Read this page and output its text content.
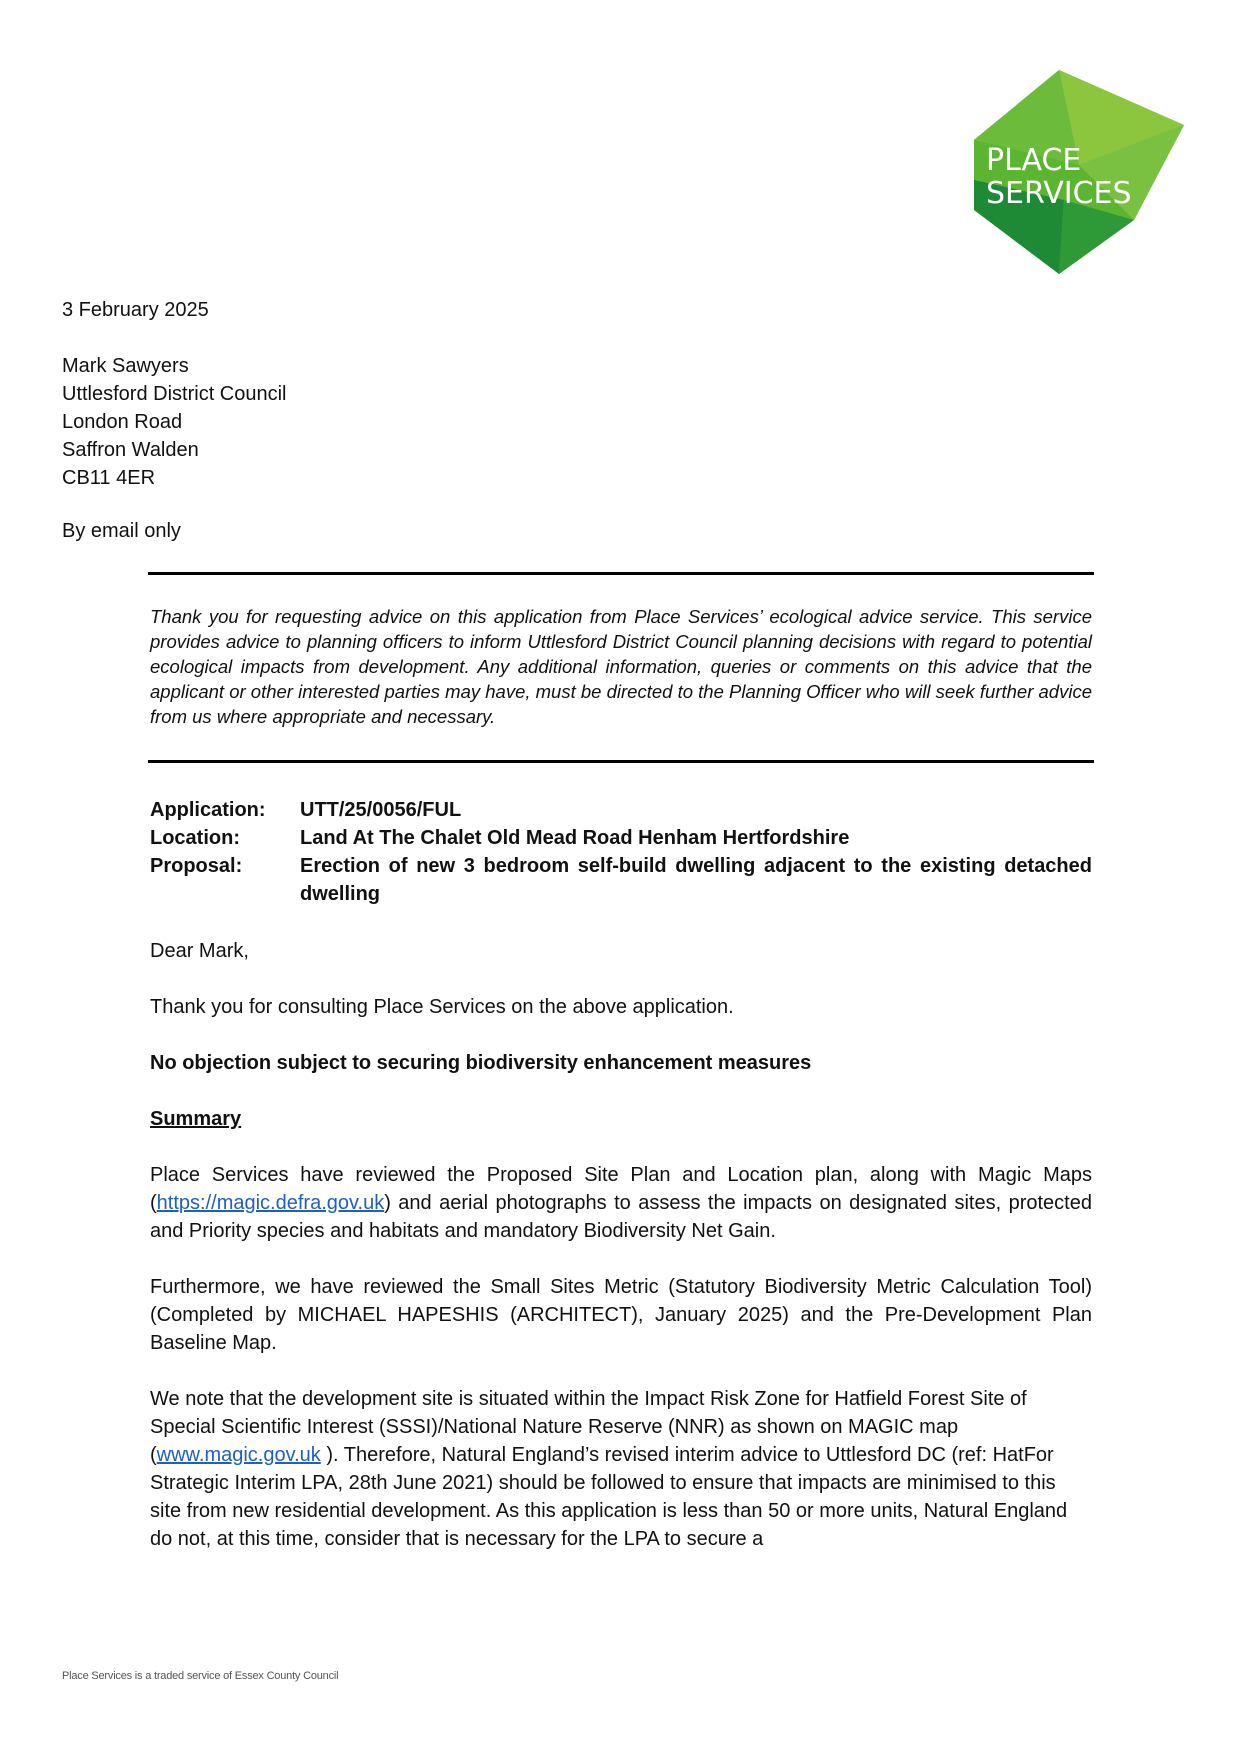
PLACE
SERVICES
3 February 2025
Mark Sawyers
Uttlesford District Council
London Road
Saffron Walden
CB11 4ER
By email only
Thank you for requesting advice on this application from Place Services’ ecological advice service. This service provides advice to planning officers to inform Uttlesford District Council planning decisions with regard to potential ecological impacts from development. Any additional information, queries or comments on this advice that the applicant or other interested parties may have, must be directed to the Planning Officer who will seek further advice from us where appropriate and necessary.
Application:	UTT/25/0056/FUL
Location:	Land At The Chalet Old Mead Road Henham Hertfordshire
Proposal:	Erection of new 3 bedroom self-build dwelling adjacent to the existing detached dwelling
Dear Mark,
Thank you for consulting Place Services on the above application.
No objection subject to securing biodiversity enhancement measures
Summary
Place Services have reviewed the Proposed Site Plan and Location plan, along with Magic Maps (https://magic.defra.gov.uk) and aerial photographs to assess the impacts on designated sites, protected and Priority species and habitats and mandatory Biodiversity Net Gain.
Furthermore, we have reviewed the Small Sites Metric (Statutory Biodiversity Metric Calculation Tool) (Completed by MICHAEL HAPESHIS (ARCHITECT), January 2025) and the Pre-Development Plan Baseline Map.
We note that the development site is situated within the Impact Risk Zone for Hatfield Forest Site of Special Scientific Interest (SSSI)/National Nature Reserve (NNR) as shown on MAGIC map (www.magic.gov.uk ). Therefore, Natural England’s revised interim advice to Uttlesford DC (ref: HatFor Strategic Interim LPA, 28th June 2021) should be followed to ensure that impacts are minimised to this site from new residential development. As this application is less than 50 or more units, Natural England do not, at this time, consider that is necessary for the LPA to secure a
Place Services is a traded service of Essex County Council
